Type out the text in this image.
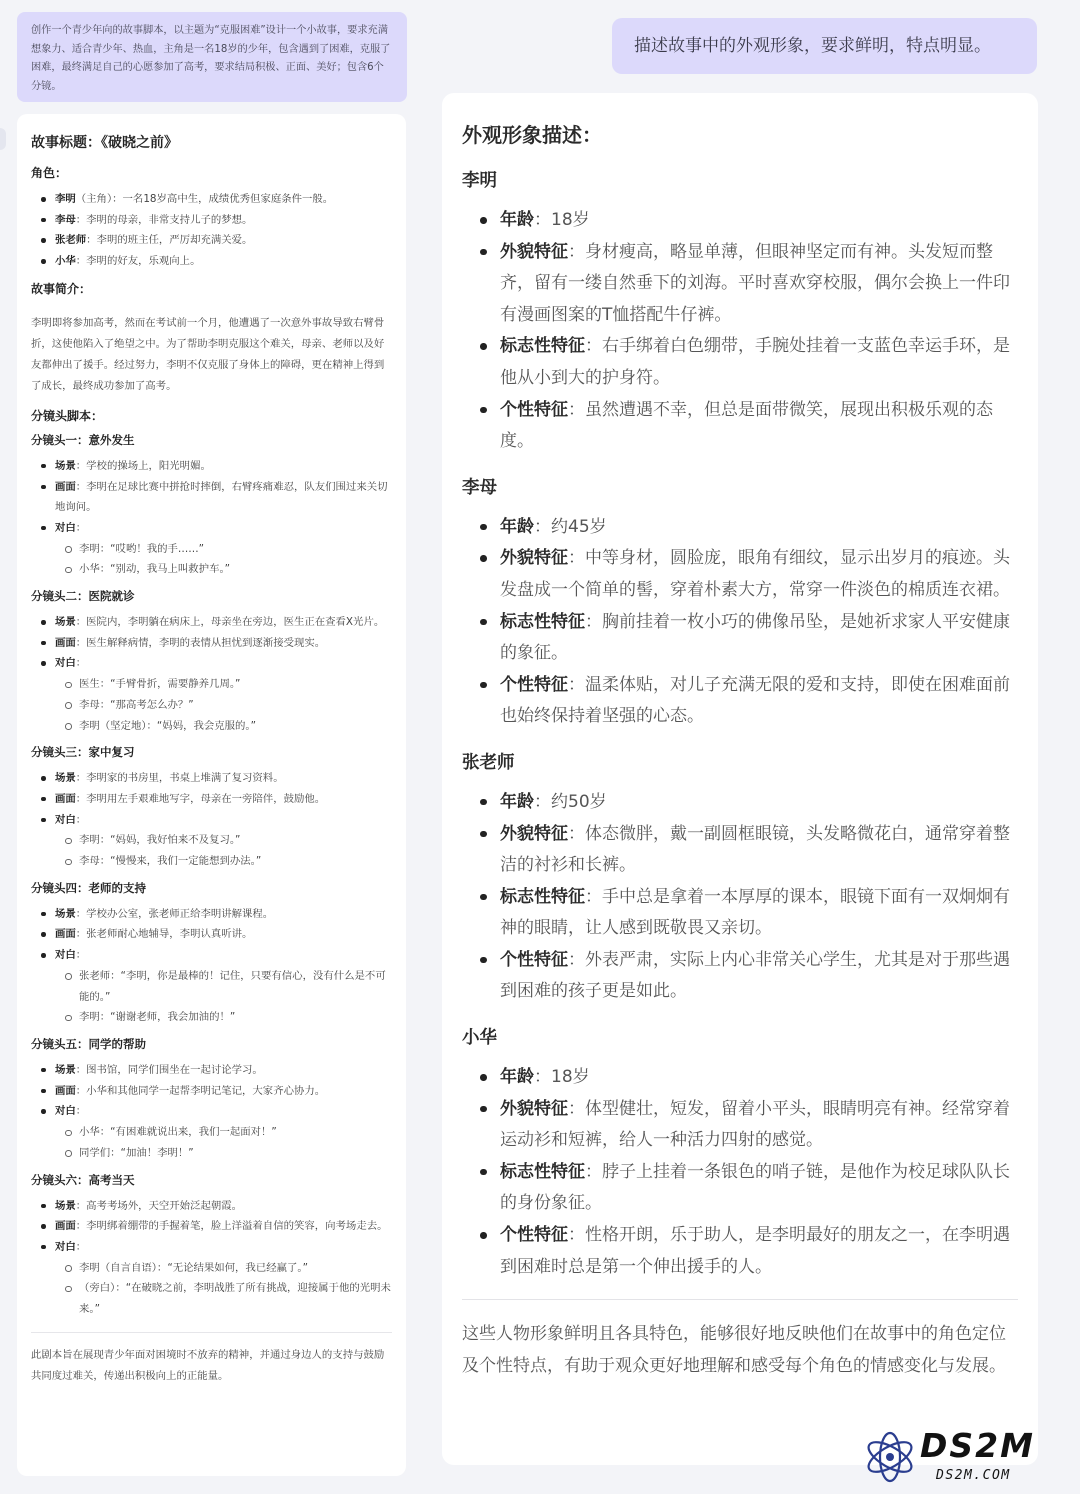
创作一个青少年向的故事脚本，以主题为“克服困难”设计一个小故事，要求充满想象力、适合青少年、热血，主角是一名18岁的少年，包含遇到了困难，克服了困难，最终满足自己的心愿参加了高考，要求结局积极、正面、美好；包含6个分镜。
描述故事中的外观形象，要求鲜明，特点明显。
故事标题：《破晓之前》
角色：
李明（主角）：一名18岁高中生，成绩优秀但家庭条件一般。
李母：李明的母亲，非常支持儿子的梦想。
张老师：李明的班主任，严厉却充满关爱。
小华：李明的好友，乐观向上。
故事简介：
李明即将参加高考，然而在考试前一个月，他遭遇了一次意外事故导致右臂骨折，这使他陷入了绝望之中。为了帮助李明克服这个难关，母亲、老师以及好友都伸出了援手。经过努力，李明不仅克服了身体上的障碍，更在精神上得到了成长，最终成功参加了高考。
分镜头脚本：
分镜头一：意外发生
场景：学校的操场上，阳光明媚。
画面：李明在足球比赛中拼抢时摔倒，右臂疼痛难忍，队友们围过来关切地询问。
对白：
李明：“哎哟！我的手……”
小华：“别动，我马上叫救护车。”
分镜头二：医院就诊
场景：医院内，李明躺在病床上，母亲坐在旁边，医生正在查看X光片。
画面：医生解释病情，李明的表情从担忧到逐渐接受现实。
对白：
医生：“手臂骨折，需要静养几周。”
李母：“那高考怎么办？”
李明（坚定地）：“妈妈，我会克服的。”
分镜头三：家中复习
场景：李明家的书房里，书桌上堆满了复习资料。
画面：李明用左手艰难地写字，母亲在一旁陪伴，鼓励他。
对白：
李明：“妈妈，我好怕来不及复习。”
李母：“慢慢来，我们一定能想到办法。”
分镜头四：老师的支持
场景：学校办公室，张老师正给李明讲解课程。
画面：张老师耐心地辅导，李明认真听讲。
对白：
张老师：“李明，你是最棒的！记住，只要有信心，没有什么是不可能的。”
李明：“谢谢老师，我会加油的！”
分镜头五：同学的帮助
场景：图书馆，同学们围坐在一起讨论学习。
画面：小华和其他同学一起帮李明记笔记，大家齐心协力。
对白：
小华：“有困难就说出来，我们一起面对！”
同学们：“加油！李明！”
分镜头六：高考当天
场景：高考考场外，天空开始泛起朝霞。
画面：李明绑着绷带的手握着笔，脸上洋溢着自信的笑容，向考场走去。
对白：
李明（自言自语）：“无论结果如何，我已经赢了。”
（旁白）：“在破晓之前，李明战胜了所有挑战，迎接属于他的光明未来。”
此剧本旨在展现青少年面对困境时不放弃的精神，并通过身边人的支持与鼓励共同度过难关，传递出积极向上的正能量。
外观形象描述：
李明
年龄：18岁
外貌特征：身材瘦高，略显单薄，但眼神坚定而有神。头发短而整齐，留有一缕自然垂下的刘海。平时喜欢穿校服，偶尔会换上一件印有漫画图案的T恤搭配牛仔裤。
标志性特征：右手绑着白色绷带，手腕处挂着一支蓝色幸运手环，是他从小到大的护身符。
个性特征：虽然遭遇不幸，但总是面带微笑，展现出积极乐观的态度。
李母
年龄：约45岁
外貌特征：中等身材，圆脸庞，眼角有细纹，显示出岁月的痕迹。头发盘成一个简单的髻，穿着朴素大方，常穿一件淡色的棉质连衣裙。
标志性特征：胸前挂着一枚小巧的佛像吊坠，是她祈求家人平安健康的象征。
个性特征：温柔体贴，对儿子充满无限的爱和支持，即使在困难面前也始终保持着坚强的心态。
张老师
年龄：约50岁
外貌特征：体态微胖，戴一副圆框眼镜，头发略微花白，通常穿着整洁的衬衫和长裤。
标志性特征：手中总是拿着一本厚厚的课本，眼镜下面有一双炯炯有神的眼睛，让人感到既敬畏又亲切。
个性特征：外表严肃，实际上内心非常关心学生，尤其是对于那些遇到困难的孩子更是如此。
小华
年龄：18岁
外貌特征：体型健壮，短发，留着小平头，眼睛明亮有神。经常穿着运动衫和短裤，给人一种活力四射的感觉。
标志性特征：脖子上挂着一条银色的哨子链，是他作为校足球队队长的身份象征。
个性特征：性格开朗，乐于助人，是李明最好的朋友之一，在李明遇到困难时总是第一个伸出援手的人。
这些人物形象鲜明且各具特色，能够很好地反映他们在故事中的角色定位及个性特点，有助于观众更好地理解和感受每个角色的情感变化与发展。
DS2M
DS2M.COM
